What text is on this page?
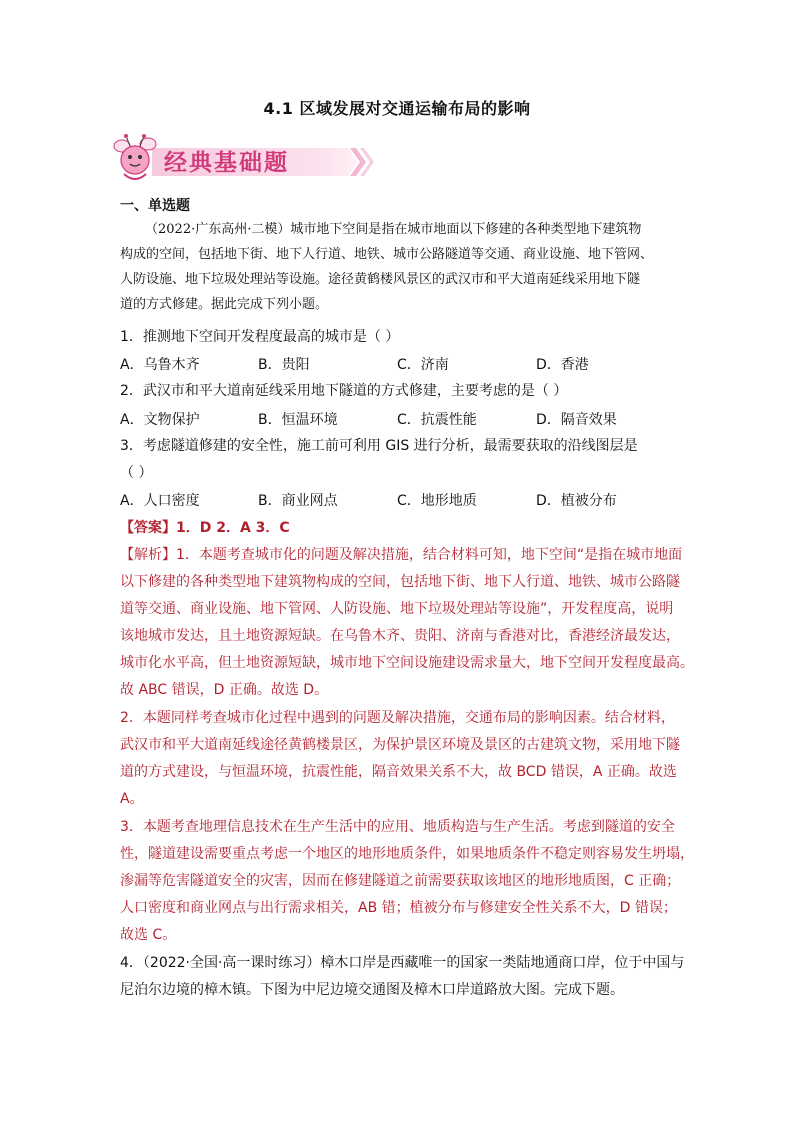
4.1 区域发展对交通运输布局的影响
经典基础题
一、单选题
（2022·广东高州·二模）城市地下空间是指在城市地面以下修建的各种类型地下建筑物
构成的空间，包括地下街、地下人行道、地铁、城市公路隧道等交通、商业设施、地下管网、
人防设施、地下垃圾处理站等设施。途径黄鹤楼风景区的武汉市和平大道南延线采用地下隧
道的方式修建。据此完成下列小题。
1．推测地下空间开发程度最高的城市是（ ）
A．乌鲁木齐	B．贵阳	C．济南	D．香港
2．武汉市和平大道南延线采用地下隧道的方式修建，主要考虑的是（ ）
A．文物保护	B．恒温环境	C．抗震性能	D．隔音效果
3．考虑隧道修建的安全性，施工前可利用 GIS 进行分析，最需要获取的沿线图层是
（ ）
A．人口密度	B．商业网点	C．地形地质	D．植被分布
【答案】1．D 2．A 3．C
【解析】1．本题考查城市化的问题及解决措施，结合材料可知，地下空间“是指在城市地面
以下修建的各种类型地下建筑物构成的空间，包括地下街、地下人行道、地铁、城市公路隧
道等交通、商业设施、地下管网、人防设施、地下垃圾处理站等设施”，开发程度高，说明
该地城市发达，且土地资源短缺。在乌鲁木齐、贵阳、济南与香港对比，香港经济最发达，
城市化水平高，但土地资源短缺，城市地下空间设施建设需求量大，地下空间开发程度最高。
故 ABC 错误，D 正确。故选 D。
2．本题同样考查城市化过程中遇到的问题及解决措施，交通布局的影响因素。结合材料，
武汉市和平大道南延线途径黄鹤楼景区，为保护景区环境及景区的古建筑文物，采用地下隧
道的方式建设，与恒温环境，抗震性能，隔音效果关系不大，故 BCD 错误，A 正确。故选
A。
3．本题考查地理信息技术在生产生活中的应用、地质构造与生产生活。考虑到隧道的安全
性，隧道建设需要重点考虑一个地区的地形地质条件，如果地质条件不稳定则容易发生坍塌，
渗漏等危害隧道安全的灾害，因而在修建隧道之前需要获取该地区的地形地质图，C 正确；
人口密度和商业网点与出行需求相关，AB 错；植被分布与修建安全性关系不大，D 错误；
故选 C。
4．（2022·全国·高一课时练习）樟木口岸是西藏唯一的国家一类陆地通商口岸，位于中国与
尼泊尔边境的樟木镇。下图为中尼边境交通图及樟木口岸道路放大图。完成下题。
